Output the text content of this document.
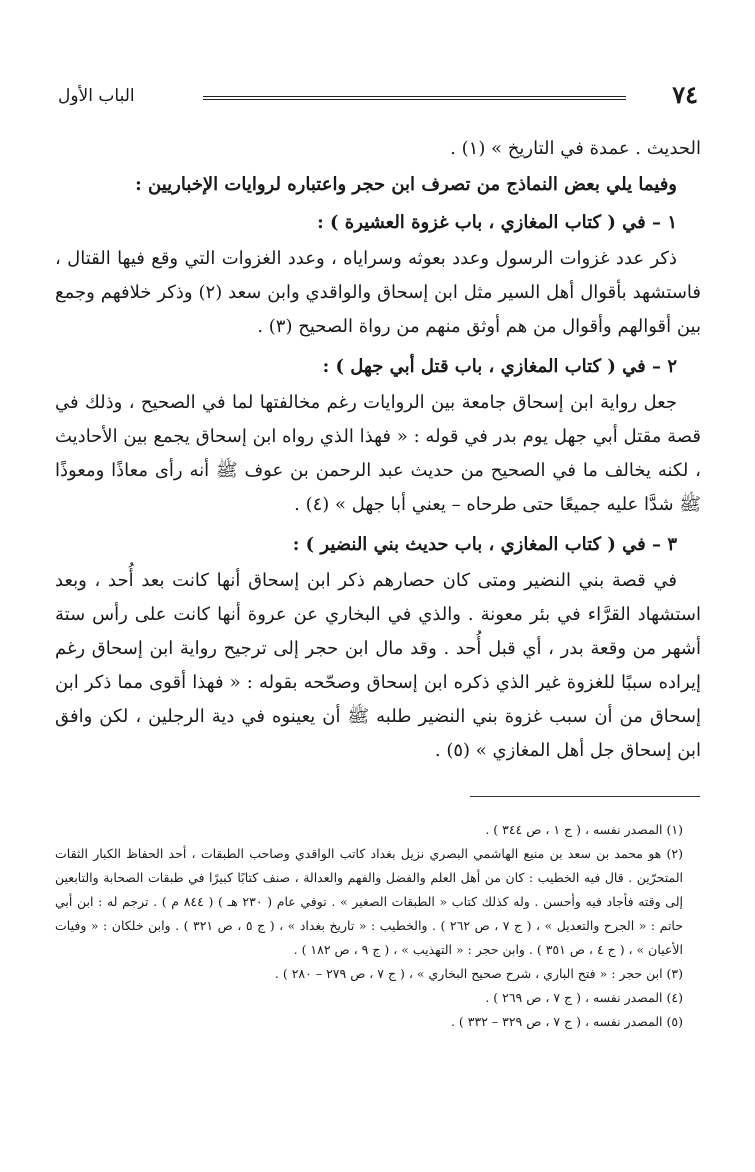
الباب الأول	٧٤

الحديث . عمدة في التاريخ » (١) .

وفيما يلي بعض النماذج من تصرف ابن حجر واعتباره لروايات الإخباريين :

١ – في ( كتاب المغازي ، باب غزوة العشيرة ) :

ذكر عدد غزوات الرسول وعدد بعوثه وسراياه ، وعدد الغزوات التي وقع فيها القتال ، فاستشهد بأقوال أهل السير مثل ابن إسحاق والواقدي وابن سعد (٢) وذكر خلافهم وجمع بين أقوالهم وأقوال من هم أوثق منهم من رواة الصحيح (٣) .

٢ – في ( كتاب المغازي ، باب قتل أبي جهل ) :

جعل رواية ابن إسحاق جامعة بين الروايات رغم مخالفتها لما في الصحيح ، وذلك في قصة مقتل أبي جهل يوم بدر في قوله : « فهذا الذي رواه ابن إسحاق يجمع بين الأحاديث ، لكنه يخالف ما في الصحيح من حديث عبد الرحمن بن عوف ﷺ أنه رأى معاذًا ومعوذًا ﷺ شدَّا عليه جميعًا حتى طرحاه – يعني أبا جهل » (٤) .

٣ – في ( كتاب المغازي ، باب حديث بني النضير ) :

في قصة بني النضير ومتى كان حصارهم ذكر ابن إسحاق أنها كانت بعد أُحد ، وبعد استشهاد القرَّاء في بئر معونة . والذي في البخاري عن عروة أنها كانت على رأس ستة أشهر من وقعة بدر ، أي قبل أُحد . وقد مال ابن حجر إلى ترجيح رواية ابن إسحاق رغم إيراده سببًا للغزوة غير الذي ذكره ابن إسحاق وصحّحه بقوله : « فهذا أقوى مما ذكر ابن إسحاق من أن سبب غزوة بني النضير طلبه ﷺ أن يعينوه في دية الرجلين ، لكن وافق ابن إسحاق جل أهل المغازي » (٥) .

(١) المصدر نفسه ، ( ج ١ ، ص ٣٤٤ ) .

(٢) هو محمد بن سعد بن منيع الهاشمي البصري نزيل بغداد كاتب الواقدي وصاحب الطبقات ، أحد الحفاظ الكبار الثقات المتحرّين . قال فيه الخطيب : كان من أهل العلم والفضل والفهم والعدالة ، صنف كتابًا كبيرًا في طبقات الصحابة والتابعين إلى وقته فأجاد فيه وأحسن . وله كذلك كتاب « الطبقات الصغير » . توفي عام ( ٢٣٠ هـ ) ( ٨٤٤ م ) . ترجم له : ابن أبي حاتم : « الجرح والتعديل » ، ( ج ٧ ، ص ٢٦٢ ) . والخطيب : « تاريخ بغداد » ، ( ج ٥ ، ص ٣٢١ ) . وابن خلكان : « وفيات الأعيان » ، ( ج ٤ ، ص ٣٥١ ) . وابن حجر : « التهذيب » ، ( ج ٩ ، ص ١٨٢ ) .

(٣) ابن حجر : « فتح الباري ، شرح صحيح البخاري » ، ( ج ٧ ، ص ٢٧٩ – ٢٨٠ ) .

(٤) المصدر نفسه ، ( ج ٧ ، ص ٢٦٩ ) .

(٥) المصدر نفسه ، ( ج ٧ ، ص ٣٢٩ – ٣٣٢ ) .
